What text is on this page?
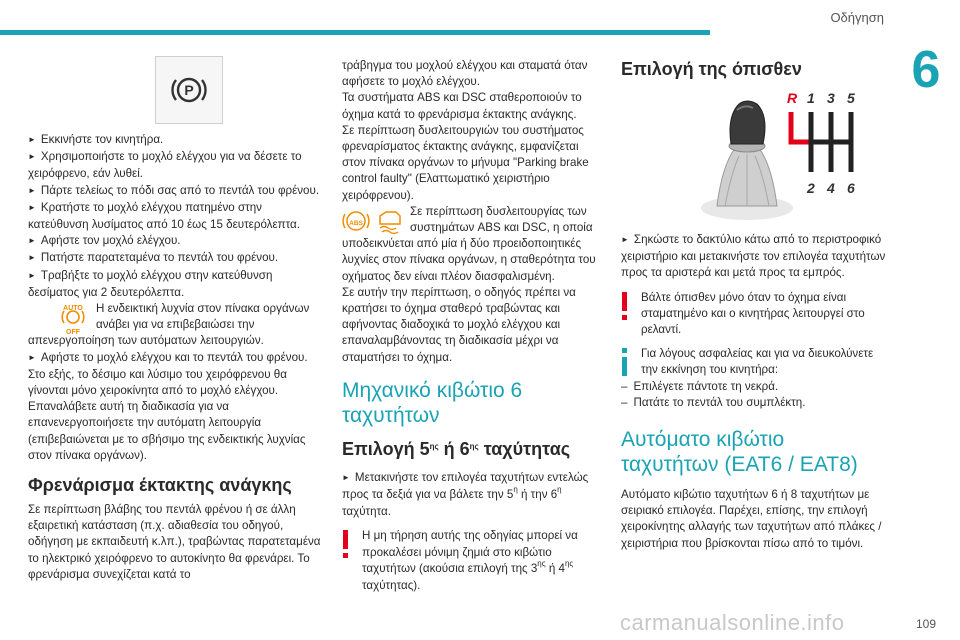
Οδήγηση
6
109
carmanualsonline.info
P

► Εκκινήστε τον κινητήρα.

► Χρησιμοποιήστε το μοχλό ελέγχου για να δέσετε το χειρόφρενο, εάν λυθεί.

► Πάρτε τελείως το πόδι σας από το πεντάλ του φρένου.

► Κρατήστε το μοχλό ελέγχου πατημένο στην κατεύθυνση λυσίματος από 10 έως 15 δευτερόλεπτα.

► Αφήστε τον μοχλό ελέγχου.

► Πατήστε παρατεταμένα το πεντάλ του φρένου.

► Τραβήξτε το μοχλό ελέγχου στην κατεύθυνση δεσίματος για 2 δευτερόλεπτα.

AUTO
OFF

Η ενδεικτική λυχνία στον πίνακα οργάνων ανάβει για να επιβεβαιώσει την απενεργοποίηση των αυτόματων λειτουργιών.

► Αφήστε το μοχλό ελέγχου και το πεντάλ του φρένου.

Στο εξής, το δέσιμο και λύσιμο του χειρόφρενου θα γίνονται μόνο χειροκίνητα από το μοχλό ελέγχου. Επαναλάβετε αυτή τη διαδικασία για να επανενεργοποιήσετε την αυτόματη λειτουργία (επιβεβαιώνεται με το σβήσιμο της ενδεικτικής λυχνίας στον πίνακα οργάνων).

Φρενάρισμα έκτακτης ανάγκης

Σε περίπτωση βλάβης του πεντάλ φρένου ή σε άλλη εξαιρετική κατάσταση (π.χ. αδιαθεσία του οδηγού, οδήγηση με εκπαιδευτή κ.λπ.), τραβώντας παρατεταμένα το ηλεκτρικό χειρόφρενο το αυτοκίνητο θα φρενάρει. Το φρενάρισμα συνεχίζεται κατά το

τράβηγμα του μοχλού ελέγχου και σταματά όταν αφήσετε το μοχλό ελέγχου.

Τα συστήματα ABS και DSC σταθεροποιούν το όχημα κατά το φρενάρισμα έκτακτης ανάγκης.

Σε περίπτωση δυσλειτουργιών του συστήματος φρεναρίσματος έκτακτης ανάγκης, εμφανίζεται στον πίνακα οργάνων το μήνυμα "Parking brake control faulty" (Ελαττωματικό χειριστήριο χειρόφρενου).

ABS

Σε περίπτωση δυσλειτουργίας των συστημάτων ABS και DSC, η οποία υποδεικνύεται από μία ή δύο προειδοποιητικές λυχνίες στον πίνακα οργάνων, η σταθερότητα του οχήματος δεν είναι πλέον διασφαλισμένη.

Σε αυτήν την περίπτωση, ο οδηγός πρέπει να κρατήσει το όχημα σταθερό τραβώντας και αφήνοντας διαδοχικά το μοχλό ελέγχου και επαναλαμβάνοντας τη διαδικασία μέχρι να σταματήσει το όχημα.

Μηχανικό κιβώτιο 6 ταχυτήτων
Επιλογή $5^{\eta\varsigma}$ ή $6^{\eta\varsigma}$ ταχύτητας

► Μετακινήστε τον επιλογέα ταχυτήτων εντελώς προς τα δεξιά για να βάλετε την $5^\eta$ ή την $6^\eta$ ταχύτητα.

Η μη τήρηση αυτής της οδηγίας μπορεί να προκαλέσει μόνιμη ζημιά στο κιβώτιο ταχυτήτων (ακούσια επιλογή της $3^{\eta\varsigma}$ ή $4^{\eta\varsigma}$ ταχύτητας).

Επιλογή της όπισθεν
R 1 3 5
2 4 6

► Σηκώστε το δακτύλιο κάτω από το περιστροφικό χειριστήριο και μετακινήστε τον επιλογέα ταχυτήτων προς τα αριστερά και μετά προς τα εμπρός.

Βάλτε όπισθεν μόνο όταν το όχημα είναι σταματημένο και ο κινητήρας λειτουργεί στο ρελαντί.

Για λόγους ασφαλείας και για να διευκολύνετε την εκκίνηση του κινητήρα:

– Επιλέγετε πάντοτε τη νεκρά.

– Πατάτε το πεντάλ του συμπλέκτη.

Αυτόματο κιβώτιο ταχυτήτων (EAT6 / EAT8)

Αυτόματο κιβώτιο ταχυτήτων 6 ή 8 ταχυτήτων με σειριακό επιλογέα. Παρέχει, επίσης, την επιλογή χειροκίνητης αλλαγής των ταχυτήτων από πλάκες / χειριστήρια που βρίσκονται πίσω από το τιμόνι.
